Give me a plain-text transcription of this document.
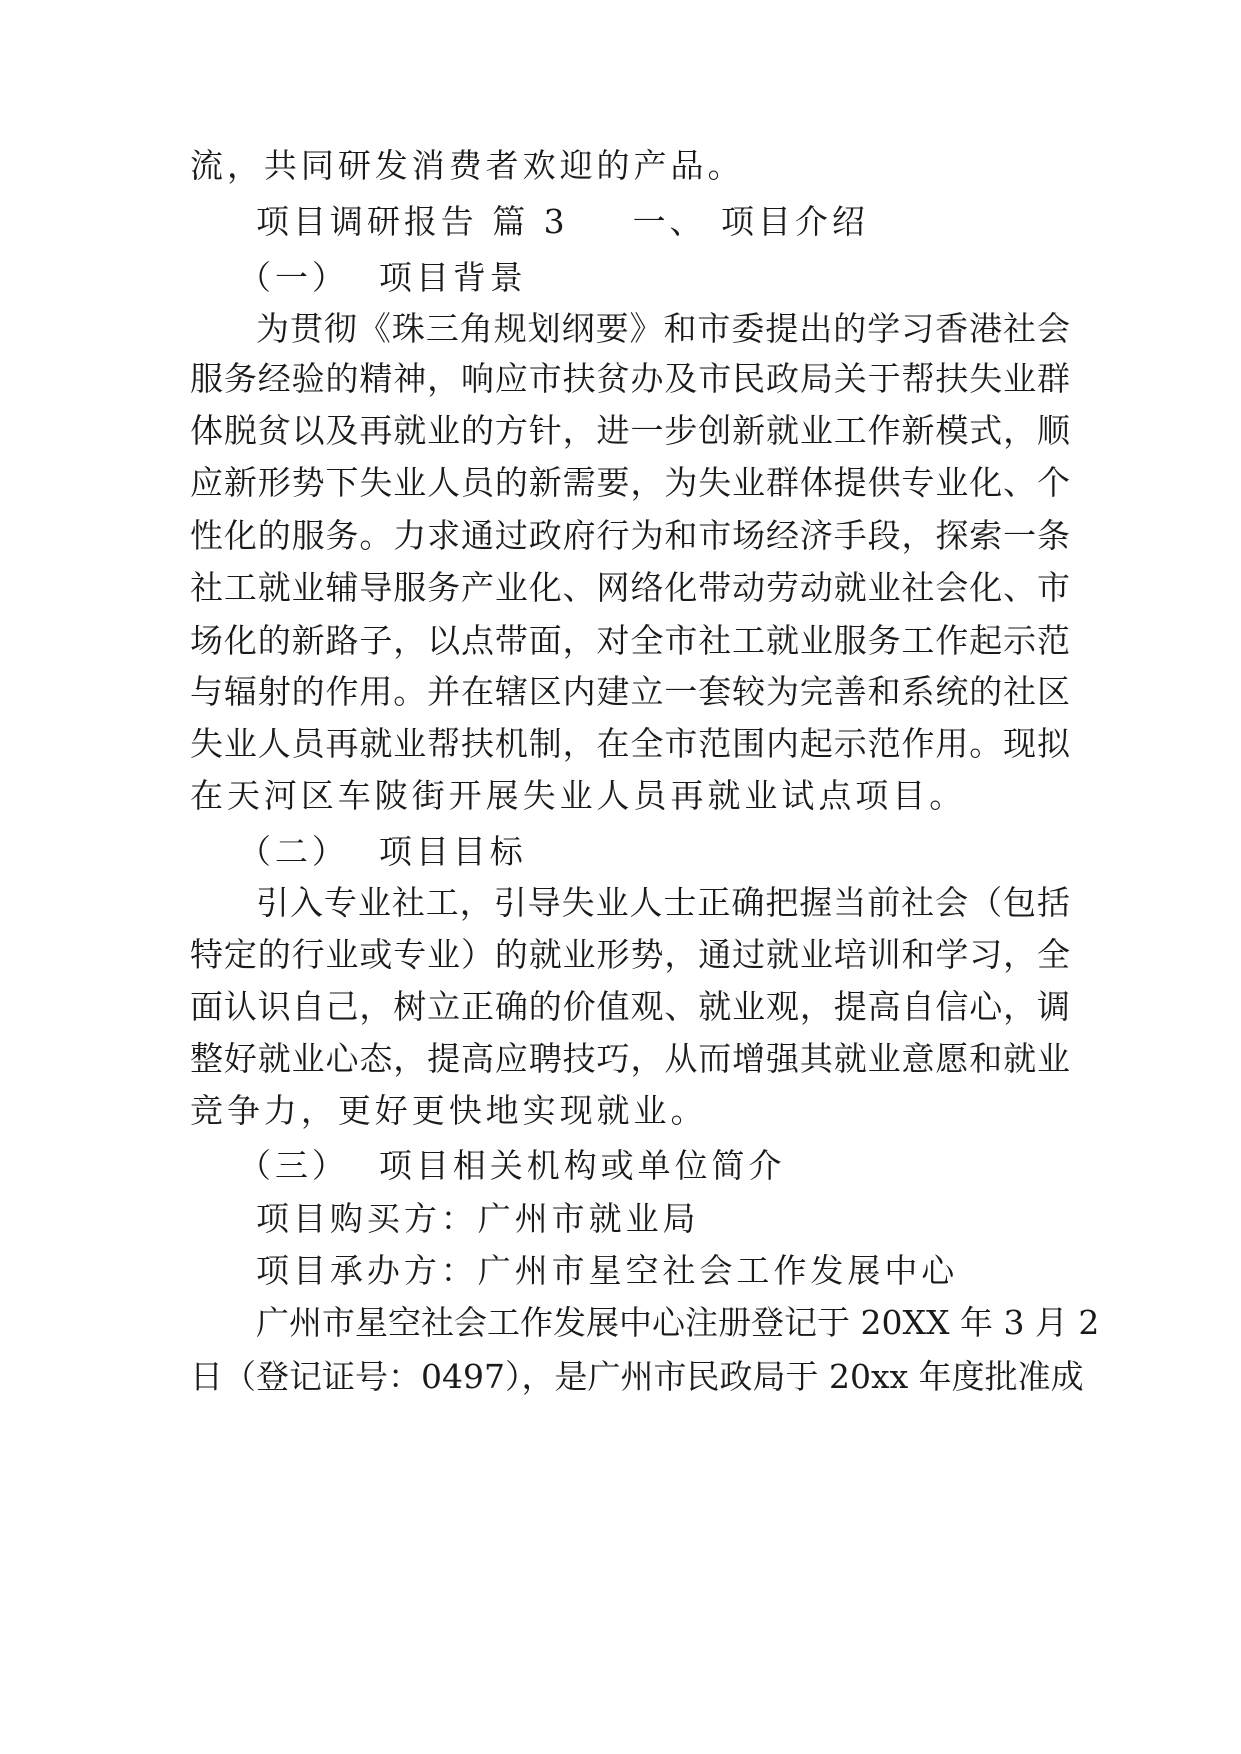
流，共同研发消费者欢迎的产品。
项目调研报告 篇 3 一、 项目介绍
（一） 项目背景
为贯彻《珠三角规划纲要》和市委提出的学习香港社会
服务经验的精神，响应市扶贫办及市民政局关于帮扶失业群
体脱贫以及再就业的方针，进一步创新就业工作新模式，顺
应新形势下失业人员的新需要，为失业群体提供专业化、个
性化的服务。力求通过政府行为和市场经济手段，探索一条
社工就业辅导服务产业化、网络化带动劳动就业社会化、市
场化的新路子，以点带面，对全市社工就业服务工作起示范
与辐射的作用。并在辖区内建立一套较为完善和系统的社区
失业人员再就业帮扶机制，在全市范围内起示范作用。现拟
在天河区车陂街开展失业人员再就业试点项目。
（二） 项目目标
引入专业社工，引导失业人士正确把握当前社会（包括
特定的行业或专业）的就业形势，通过就业培训和学习，全
面认识自己，树立正确的价值观、就业观，提高自信心，调
整好就业心态，提高应聘技巧，从而增强其就业意愿和就业
竞争力，更好更快地实现就业。
（三） 项目相关机构或单位简介
项目购买方：广州市就业局
项目承办方：广州市星空社会工作发展中心
广州市星空社会工作发展中心注册登记于 20XX 年 3 月 2
日（登记证号：0497），是广州市民政局于 20xx 年度批准成
